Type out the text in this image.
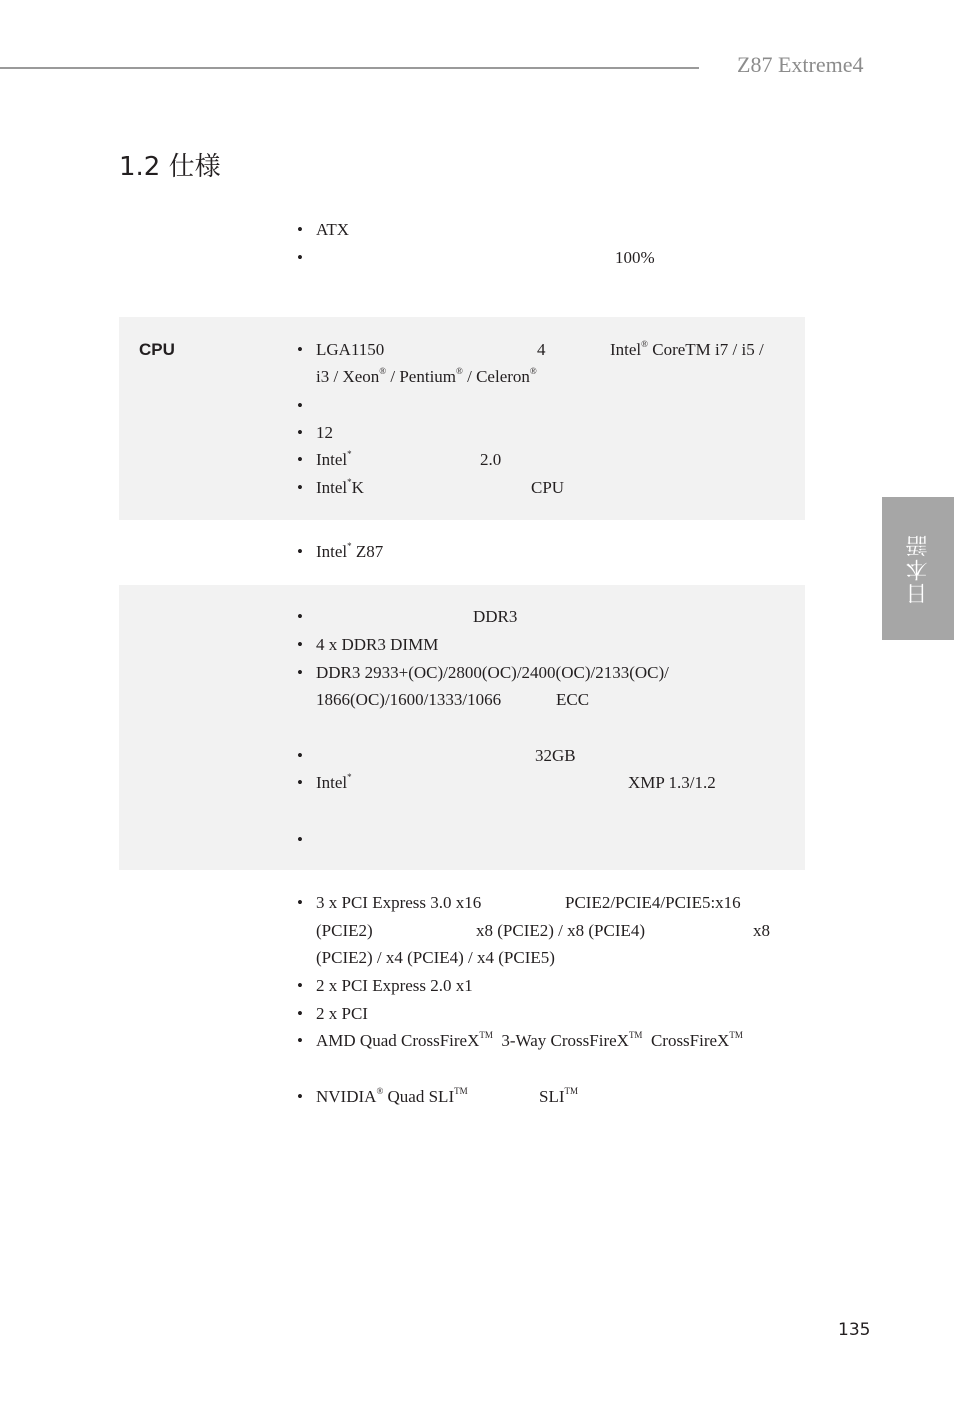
Z87 Extreme4
日本語
1.2 仕様
• ATX
•	100%
CPU	• LGA1150	4	Intel® CoreTM i7 / i5 /
i3 / Xeon® / Pentium® / Celeron®
•
• 12
• Intel*	2.0
• Intel*K	CPU
• Intel* Z87
•	DDR3
• 4 x DDR3 DIMM
• DDR3 2933+(OC)/2800(OC)/2400(OC)/2133(OC)/
1866(OC)/1600/1333/1066	ECC
•	32GB
• Intel*	XMP 1.3/1.2
•
• 3 x PCI Express 3.0 x16	PCIE2/PCIE4/PCIE5:x16
(PCIE2)	x8 (PCIE2) / x8 (PCIE4)	x8
(PCIE2) / x4 (PCIE4) / x4 (PCIE5)
• 2 x PCI Express 2.0 x1
• 2 x PCI
• AMD Quad CrossFireX™ 3-Way CrossFireX™ CrossFireX™
• NVIDIA® Quad SLI™	SLI™
135
